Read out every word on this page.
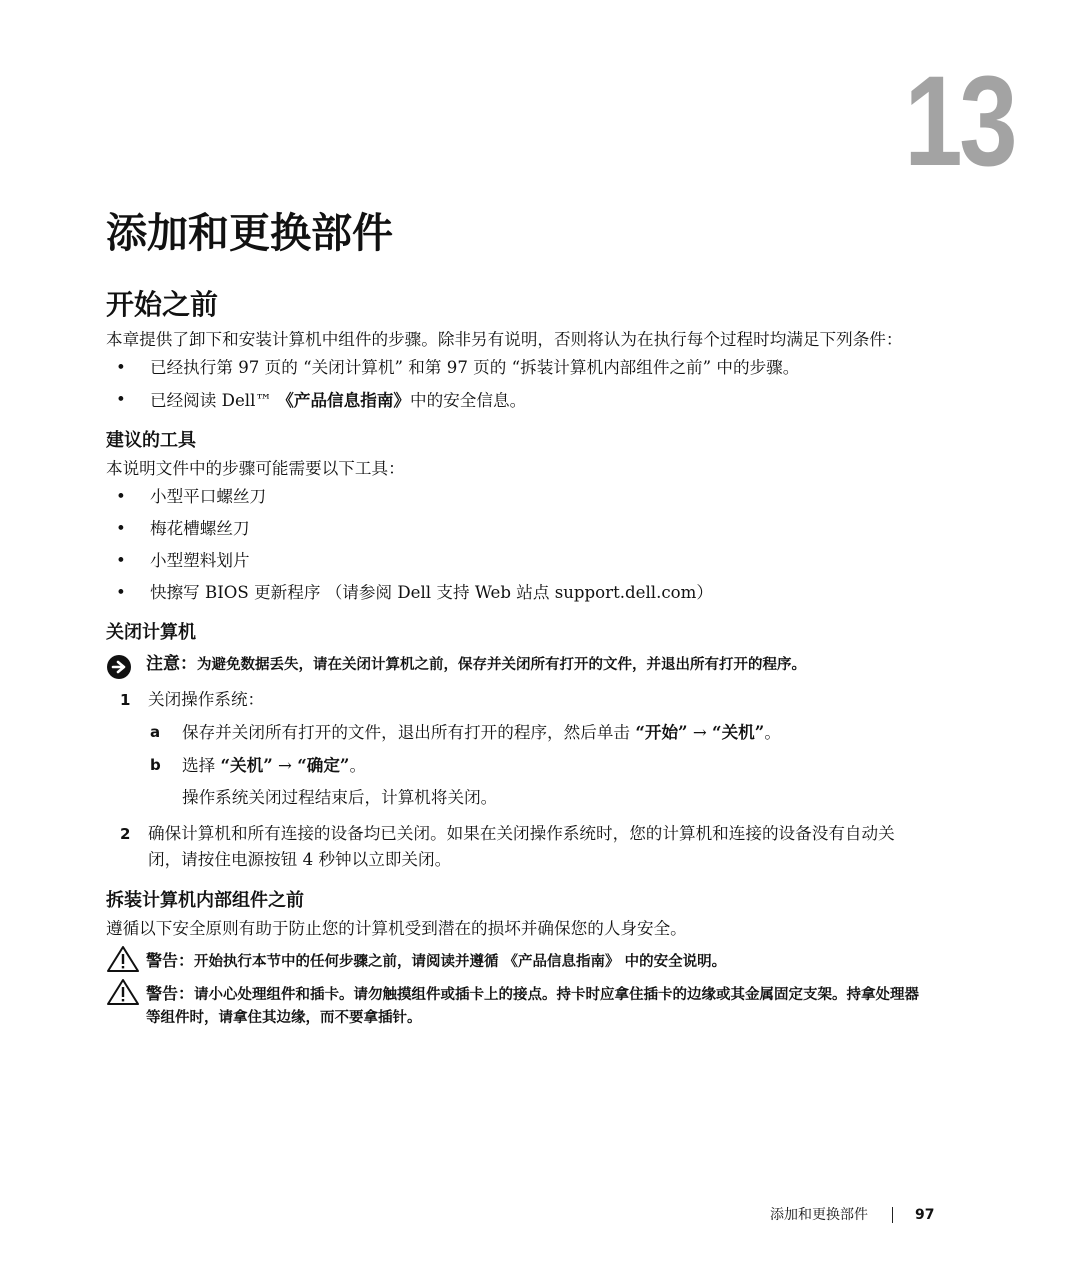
13
添加和更换部件
开始之前

本章提供了卸下和安装计算机中组件的步骤。除非另有说明，否则将认为在执行每个过程时均满足下列条件：

• 已经执行第 97 页的 “关闭计算机” 和第 97 页的 “拆装计算机内部组件之前” 中的步骤。
• 已经阅读 Dell™ 《产品信息指南》中的安全信息。
建议的工具

本说明文件中的步骤可能需要以下工具：

• 小型平口螺丝刀
• 梅花槽螺丝刀
• 小型塑料划片
• 快擦写 BIOS 更新程序 （请参阅 Dell 支持 Web 站点 support.dell.com）
关闭计算机
注意：为避免数据丢失，请在关闭计算机之前，保存并关闭所有打开的文件，并退出所有打开的程序。
1 关闭操作系统：
a 保存并关闭所有打开的文件，退出所有打开的程序，然后单击 “开始” → “关机”。
b 选择 “关机” → “确定”。
操作系统关闭过程结束后，计算机将关闭。
2 确保计算机和所有连接的设备均已关闭。如果在关闭操作系统时，您的计算机和连接的设备没有自动关闭，请按住电源按钮 4 秒钟以立即关闭。
拆装计算机内部组件之前

遵循以下安全原则有助于防止您的计算机受到潜在的损坏并确保您的人身安全。

警告：开始执行本节中的任何步骤之前，请阅读并遵循 《产品信息指南》 中的安全说明。
警告：请小心处理组件和插卡。请勿触摸组件或插卡上的接点。持卡时应拿住插卡的边缘或其金属固定支架。持拿处理器等组件时，请拿住其边缘，而不要拿插针。
添加和更换部件	97
